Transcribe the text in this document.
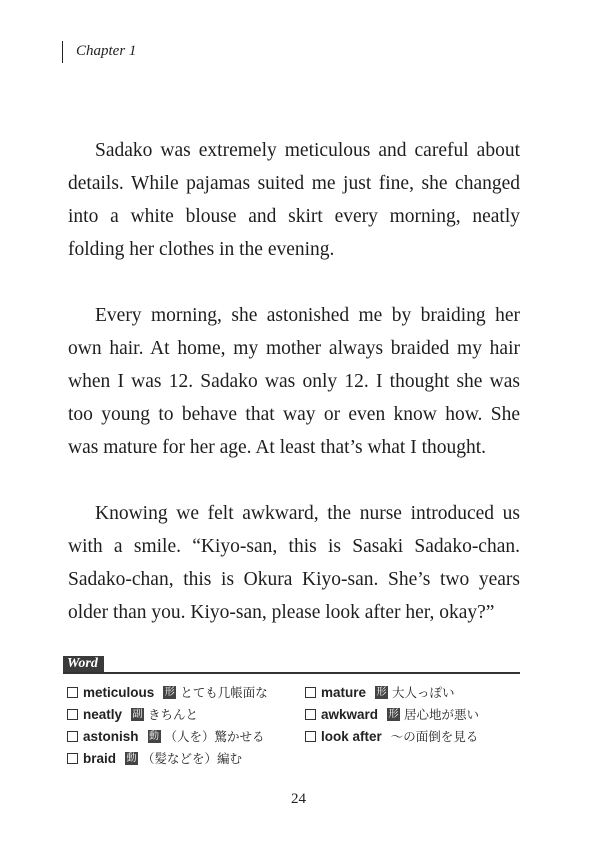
Chapter 1

Sadako was extremely meticulous and careful about details. While pajamas suited me just fine, she changed into a white blouse and skirt every morning, neatly folding her clothes in the evening.

Every morning, she astonished me by braiding her own hair. At home, my mother always braided my hair when I was 12. Sadako was only 12. I thought she was too young to behave that way or even know how. She was mature for her age. At least that’s what I thought.

Knowing we felt awkward, the nurse introduced us with a smile. “Kiyo-san, this is Sasaki Sadako-chan. Sadako-chan, this is Okura Kiyo-san. She’s two years older than you. Kiyo-san, please look after her, okay?”

Word
meticulous 形 とても几帳面な
neatly 副 きちんと
astonish 動 （人を）驚かせる
braid 動 （髪などを）編む
mature 形 大人っぽい
awkward 形 居心地が悪い
look after 〜の面倒を見る
24
